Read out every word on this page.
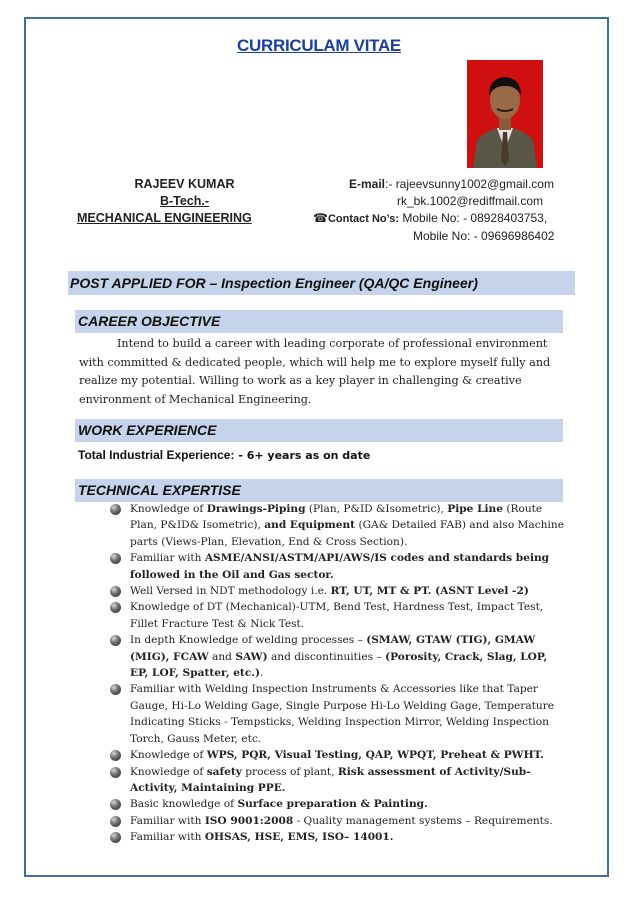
CURRICULAM VITAE
RAJEEV KUMAR
B-Tech.-
MECHANICAL ENGINEERING
E-mail:- rajeevsunny1002@gmail.com
rk_bk.1002@rediffmail.com
☎Contact No’s: Mobile No: - 08928403753,
Mobile No: - 09696986402
POST APPLIED FOR – Inspection Engineer (QA/QC Engineer)
CAREER OBJECTIVE
Intend to build a career with leading corporate of professional environment with committed & dedicated people, which will help me to explore myself fully and realize my potential. Willing to work as a key player in challenging & creative environment of Mechanical Engineering.
WORK EXPERIENCE
Total Industrial Experience: - 6+ years as on date
TECHNICAL EXPERTISE
Knowledge of Drawings-Piping (Plan, P&ID &Isometric), Pipe Line (Route Plan, P&ID& Isometric), and Equipment (GA& Detailed FAB) and also Machine parts (Views-Plan, Elevation, End & Cross Section).
Familiar with ASME/ANSI/ASTM/API/AWS/IS codes and standards being followed in the Oil and Gas sector.
Well Versed in NDT methodology i.e. RT, UT, MT & PT. (ASNT Level -2)
Knowledge of DT (Mechanical)-UTM, Bend Test, Hardness Test, Impact Test, Fillet Fracture Test & Nick Test.
In depth Knowledge of welding processes – (SMAW, GTAW (TIG), GMAW (MIG), FCAW and SAW) and discontinuities – (Porosity, Crack, Slag, LOP, EP, LOF, Spatter, etc.).
Familiar with Welding Inspection Instruments & Accessories like that Taper Gauge, Hi-Lo Welding Gage, Single Purpose Hi-Lo Welding Gage, Temperature Indicating Sticks - Tempsticks, Welding Inspection Mirror, Welding Inspection Torch, Gauss Meter, etc.
Knowledge of WPS, PQR, Visual Testing, QAP, WPQT, Preheat & PWHT.
Knowledge of safety process of plant, Risk assessment of Activity/Sub-Activity, Maintaining PPE.
Basic knowledge of Surface preparation & Painting.
Familiar with ISO 9001:2008 - Quality management systems – Requirements.
Familiar with OHSAS, HSE, EMS, ISO– 14001.
